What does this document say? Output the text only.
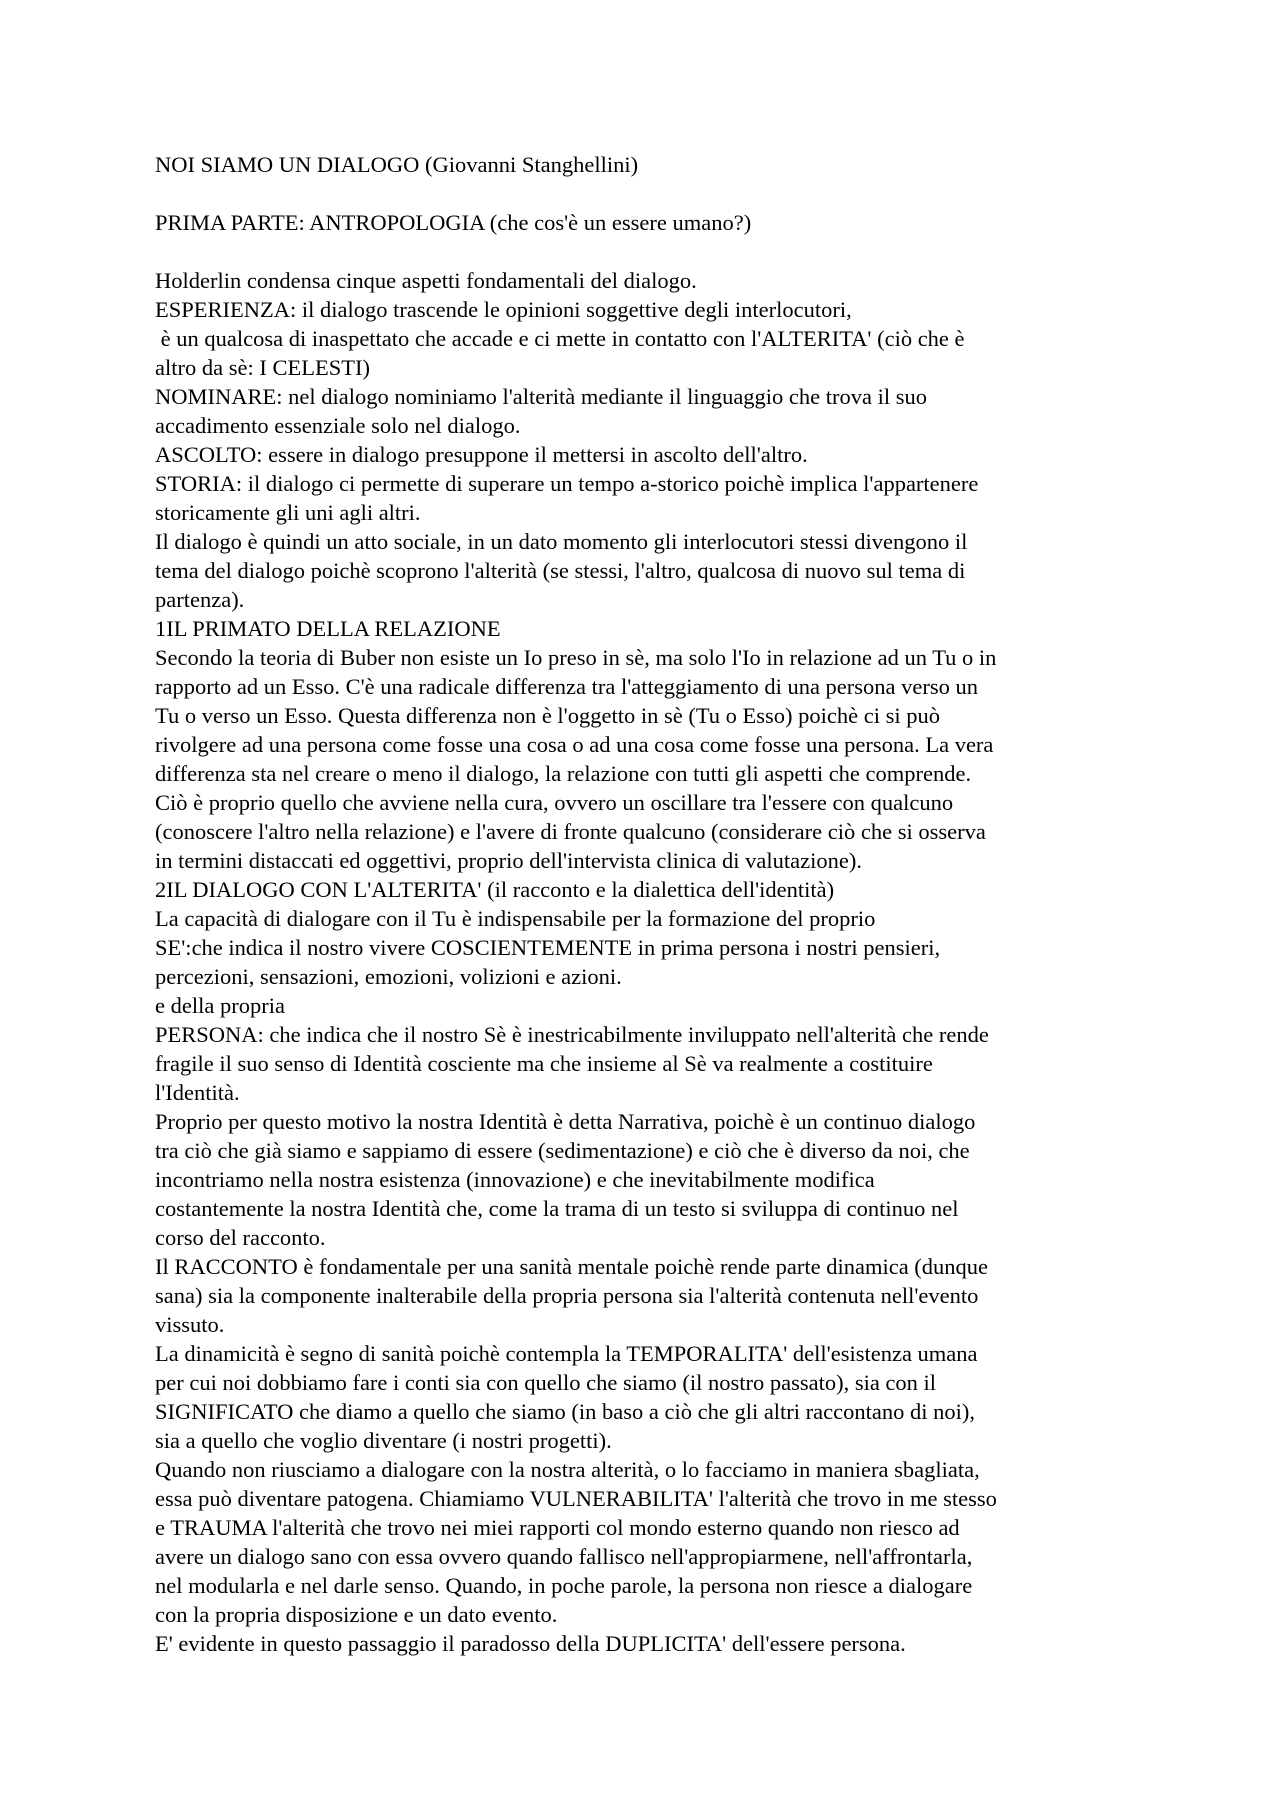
NOI SIAMO UN DIALOGO (Giovanni Stanghellini)
PRIMA PARTE: ANTROPOLOGIA (che cos'è un essere umano?)
Holderlin condensa cinque aspetti fondamentali del dialogo.
ESPERIENZA: il dialogo trascende le opinioni soggettive degli interlocutori,
è un qualcosa di inaspettato che accade e ci mette in contatto con l'ALTERITA' (ciò che è
altro da sè: I CELESTI)
NOMINARE: nel dialogo nominiamo l'alterità mediante il linguaggio che trova il suo
accadimento essenziale solo nel dialogo.
ASCOLTO: essere in dialogo presuppone il mettersi in ascolto dell'altro.
STORIA: il dialogo ci permette di superare un tempo a-storico poichè implica l'appartenere
storicamente gli uni agli altri.
Il dialogo è quindi un atto sociale, in un dato momento gli interlocutori stessi divengono il
tema del dialogo poichè scoprono l'alterità (se stessi, l'altro, qualcosa di nuovo sul tema di
partenza).
1IL PRIMATO DELLA RELAZIONE
Secondo la teoria di Buber non esiste un Io preso in sè, ma solo l'Io in relazione ad un Tu o in
rapporto ad un Esso. C'è una radicale differenza tra l'atteggiamento di una persona verso un
Tu o verso un Esso. Questa differenza non è l'oggetto in sè (Tu o Esso) poichè ci si può
rivolgere ad una persona come fosse una cosa o ad una cosa come fosse una persona. La vera
differenza sta nel creare o meno il dialogo, la relazione con tutti gli aspetti che comprende.
Ciò è proprio quello che avviene nella cura, ovvero un oscillare tra l'essere con qualcuno
(conoscere l'altro nella relazione) e l'avere di fronte qualcuno (considerare ciò che si osserva
in termini distaccati ed oggettivi, proprio dell'intervista clinica di valutazione).
2IL DIALOGO CON L'ALTERITA' (il racconto e la dialettica dell'identità)
La capacità di dialogare con il Tu è indispensabile per la formazione del proprio
SE':che indica il nostro vivere COSCIENTEMENTE in prima persona i nostri pensieri,
percezioni, sensazioni, emozioni, volizioni e azioni.
e della propria
PERSONA: che indica che il nostro Sè è inestricabilmente inviluppato nell'alterità che rende
fragile il suo senso di Identità cosciente ma che insieme al Sè va realmente a costituire
l'Identità.
Proprio per questo motivo la nostra Identità è detta Narrativa, poichè è un continuo dialogo
tra ciò che già siamo e sappiamo di essere (sedimentazione) e ciò che è diverso da noi, che
incontriamo nella nostra esistenza (innovazione) e che inevitabilmente modifica
costantemente la nostra Identità che, come la trama di un testo si sviluppa di continuo nel
corso del racconto.
Il RACCONTO è fondamentale per una sanità mentale poichè rende parte dinamica (dunque
sana) sia la componente inalterabile della propria persona sia l'alterità contenuta nell'evento
vissuto.
La dinamicità è segno di sanità poichè contempla la TEMPORALITA' dell'esistenza umana
per cui noi dobbiamo fare i conti sia con quello che siamo (il nostro passato), sia con il
SIGNIFICATO che diamo a quello che siamo (in baso a ciò che gli altri raccontano di noi),
sia a quello che voglio diventare (i nostri progetti).
Quando non riusciamo a dialogare con la nostra alterità, o lo facciamo in maniera sbagliata,
essa può diventare patogena. Chiamiamo VULNERABILITA' l'alterità che trovo in me stesso
e TRAUMA l'alterità che trovo nei miei rapporti col mondo esterno quando non riesco ad
avere un dialogo sano con essa ovvero quando fallisco nell'appropiarmene, nell'affrontarla,
nel modularla e nel darle senso. Quando, in poche parole, la persona non riesce a dialogare
con la propria disposizione e un dato evento.
E' evidente in questo passaggio il paradosso della DUPLICITA' dell'essere persona.
